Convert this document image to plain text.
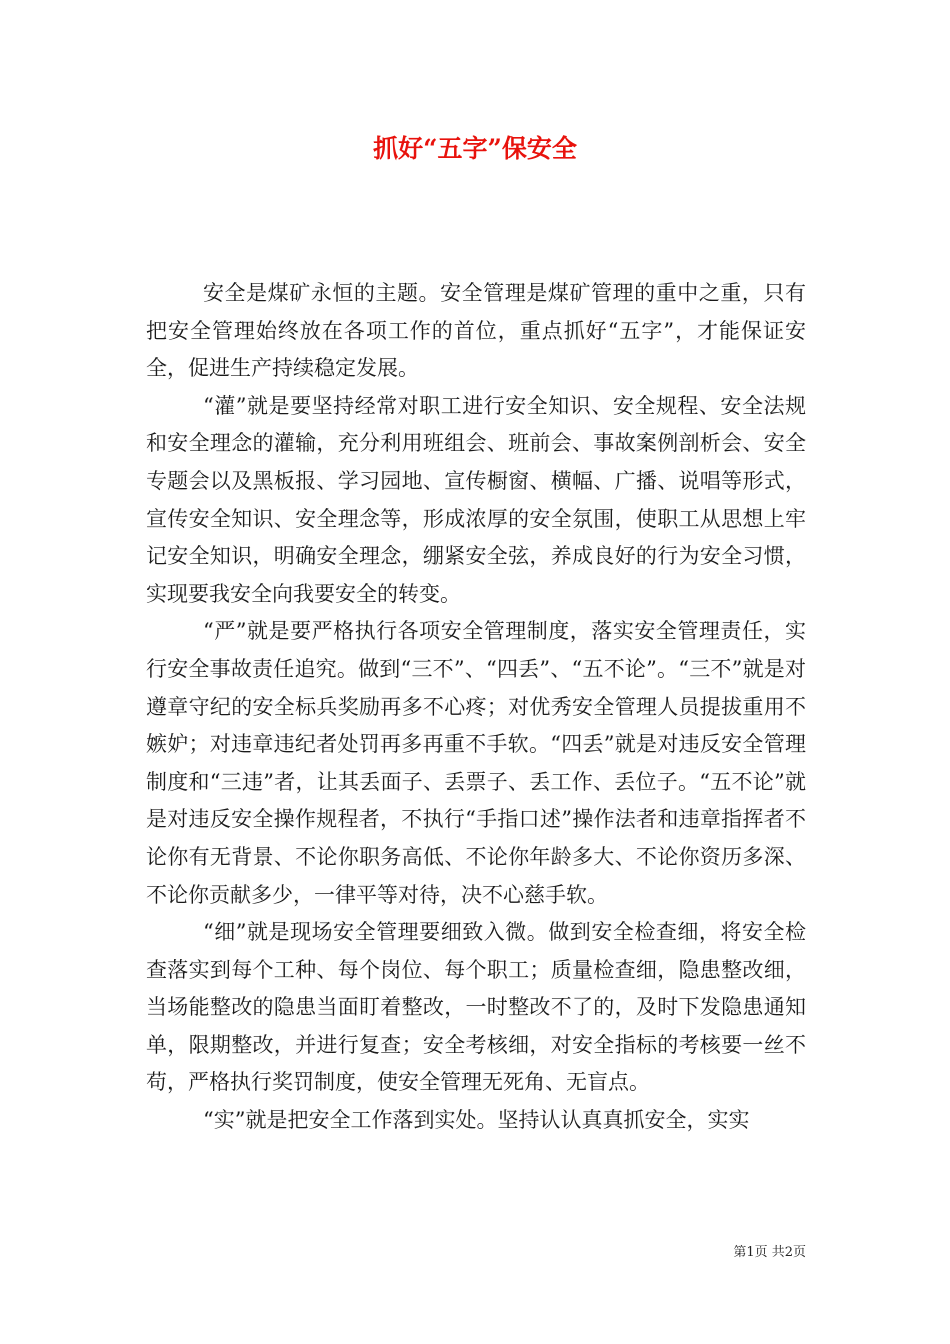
抓好“五字”保安全

安全是煤矿永恒的主题。安全管理是煤矿管理的重中之重，只有把安全管理始终放在各项工作的首位，重点抓好“五字”，才能保证安全，促进生产持续稳定发展。

“灌”就是要坚持经常对职工进行安全知识、安全规程、安全法规和安全理念的灌输，充分利用班组会、班前会、事故案例剖析会、安全专题会以及黑板报、学习园地、宣传橱窗、横幅、广播、说唱等形式，宣传安全知识、安全理念等，形成浓厚的安全氛围，使职工从思想上牢记安全知识，明确安全理念，绷紧安全弦，养成良好的行为安全习惯，实现要我安全向我要安全的转变。

“严”就是要严格执行各项安全管理制度，落实安全管理责任，实行安全事故责任追究。做到“三不”、“四丢”、“五不论”。“三不”就是对遵章守纪的安全标兵奖励再多不心疼；对优秀安全管理人员提拔重用不嫉妒；对违章违纪者处罚再多再重不手软。“四丢”就是对违反安全管理制度和“三违”者，让其丢面子、丢票子、丢工作、丢位子。“五不论”就是对违反安全操作规程者，不执行“手指口述”操作法者和违章指挥者不论你有无背景、不论你职务高低、不论你年龄多大、不论你资历多深、不论你贡献多少，一律平等对待，决不心慈手软。

“细”就是现场安全管理要细致入微。做到安全检查细，将安全检查落实到每个工种、每个岗位、每个职工；质量检查细，隐患整改细，当场能整改的隐患当面盯着整改，一时整改不了的，及时下发隐患通知单，限期整改，并进行复查；安全考核细，对安全指标的考核要一丝不苟，严格执行奖罚制度，使安全管理无死角、无盲点。

“实”就是把安全工作落到实处。坚持认认真真抓安全，实实

第1页 共2页
